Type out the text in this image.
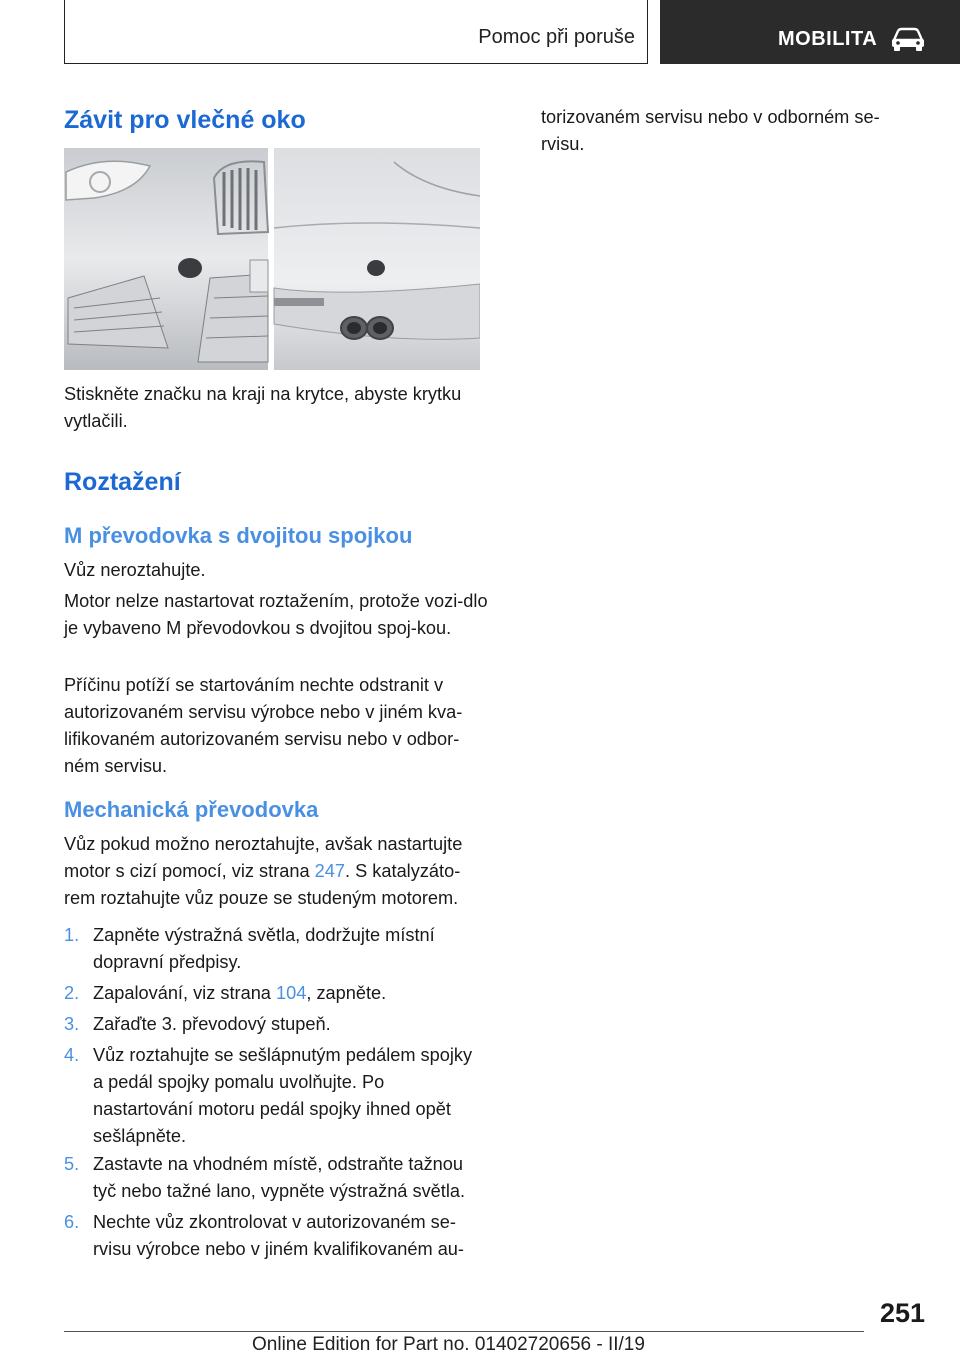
Pomoc při poruše	MOBILITA
Závit pro vlečné oko

Stiskněte značku na kraji na krytce, abyste krytku vytlačili.

Roztažení
M převodovka s dvojitou spojkou

Vůz neroztahujte.

Motor nelze nastartovat roztažením, protože vozi-dlo je vybaveno M převodovkou s dvojitou spoj-kou.

Příčinu potíží se startováním nechte odstranit v autorizovaném servisu výrobce nebo v jiném kva-lifikovaném autorizovaném servisu nebo v odbor-ném servisu.

Mechanická převodovka

Vůz pokud možno neroztahujte, avšak nastartujte motor s cizí pomocí, viz strana 247. S katalyzáto-rem roztahujte vůz pouze se studeným motorem.

1. Zapněte výstražná světla, dodržujte místní dopravní předpisy.
2. Zapalování, viz strana 104, zapněte.
3. Zařaďte 3. převodový stupeň.
4. Vůz roztahujte se sešlápnutým pedálem spojky a pedál spojky pomalu uvolňujte. Po nastartování motoru pedál spojky ihned opět sešlápněte.
5. Zastavte na vhodném místě, odstraňte tažnou tyč nebo tažné lano, vypněte výstražná světla.
6. Nechte vůz zkontrolovat v autorizovaném se-rvisu výrobce nebo v jiném kvalifikovaném au-

torizovaném servisu nebo v odborném se-rvisu.

251
Online Edition for Part no. 01402720656 - II/19
